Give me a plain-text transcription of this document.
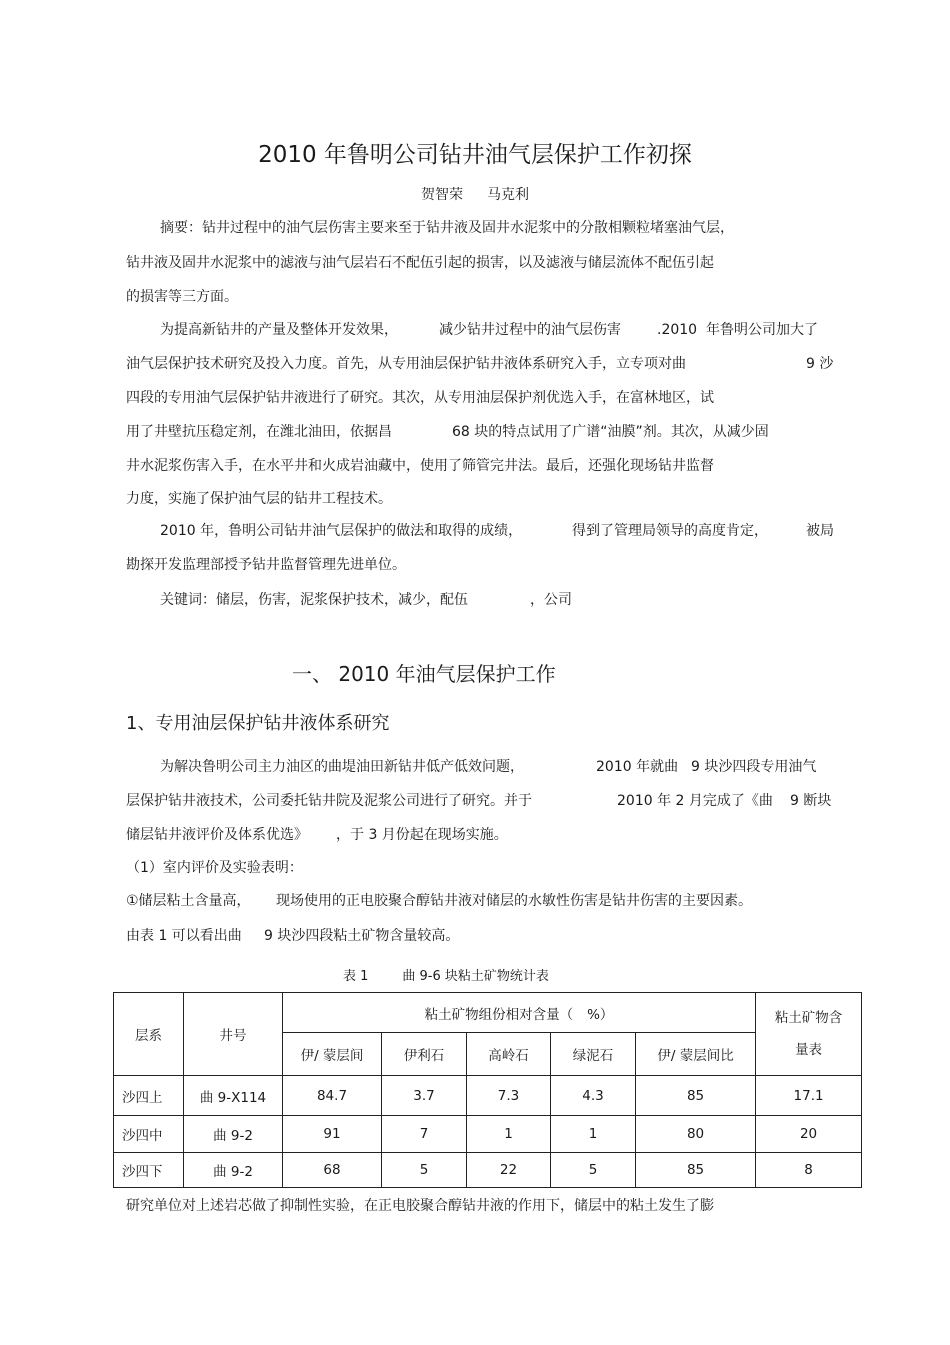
2010 年鲁明公司钻井油气层保护工作初探
贺智荣 马克利
摘要：钻井过程中的油气层伤害主要来至于钻井液及固井水泥浆中的分散相颗粒堵塞油气层，
钻井液及固井水泥浆中的滤液与油气层岩石不配伍引起的损害，以及滤液与储层流体不配伍引起
的损害等三方面。
为提高新钻井的产量及整体开发效果，	减少钻井过程中的油气层伤害	.2010 年鲁明公司加大了
油气层保护技术研究及投入力度。首先，从专用油层保护钻井液体系研究入手，立专项对曲	9 沙
四段的专用油气层保护钻井液进行了研究。其次，从专用油层保护剂优选入手，在富林地区，试
用了井壁抗压稳定剂，在潍北油田，依据昌	68 块的特点试用了广谱“油膜”剂。其次，从减少固
井水泥浆伤害入手，在水平井和火成岩油藏中，使用了筛管完井法。最后，还强化现场钻井监督
力度，实施了保护油气层的钻井工程技术。
2010 年，鲁明公司钻井油气层保护的做法和取得的成绩，	得到了管理局领导的高度肯定，	被局
勘探开发监理部授予钻井监督管理先进单位。
关键词：储层，伤害，泥浆保护技术，减少，配伍	，公司
一、 2010 年油气层保护工作
1、专用油层保护钻井液体系研究
为解决鲁明公司主力油区的曲堤油田新钻井低产低效问题，	2010 年就曲 9 块沙四段专用油气
层保护钻井液技术，公司委托钻井院及泥浆公司进行了研究。并于	2010 年 2 月完成了《曲 9 断块
储层钻井液评价及体系优选》 ，于 3 月份起在现场实施。
（1）室内评价及实验表明：
①储层粘土含量高， 现场使用的正电胶聚合醇钻井液对储层的水敏性伤害是钻井伤害的主要因素。
由表 1 可以看出曲 9 块沙四段粘土矿物含量较高。
表 1	曲 9-6 块粘土矿物统计表
层系	井号	粘土矿物组份相对含量（ %）					粘土矿物含
量表

		伊/ 蒙层间	伊利石	高岭石	绿泥石	伊/ 蒙层间比	
沙四上	曲 9-X114	84.7	3.7	7.3	4.3	85	17.1
沙四中	曲 9-2	91	7	1	1	80	20
沙四下	曲 9-2	68	5	22	5	85	8
研究单位对上述岩芯做了抑制性实验，在正电胶聚合醇钻井液的作用下，储层中的粘土发生了膨
